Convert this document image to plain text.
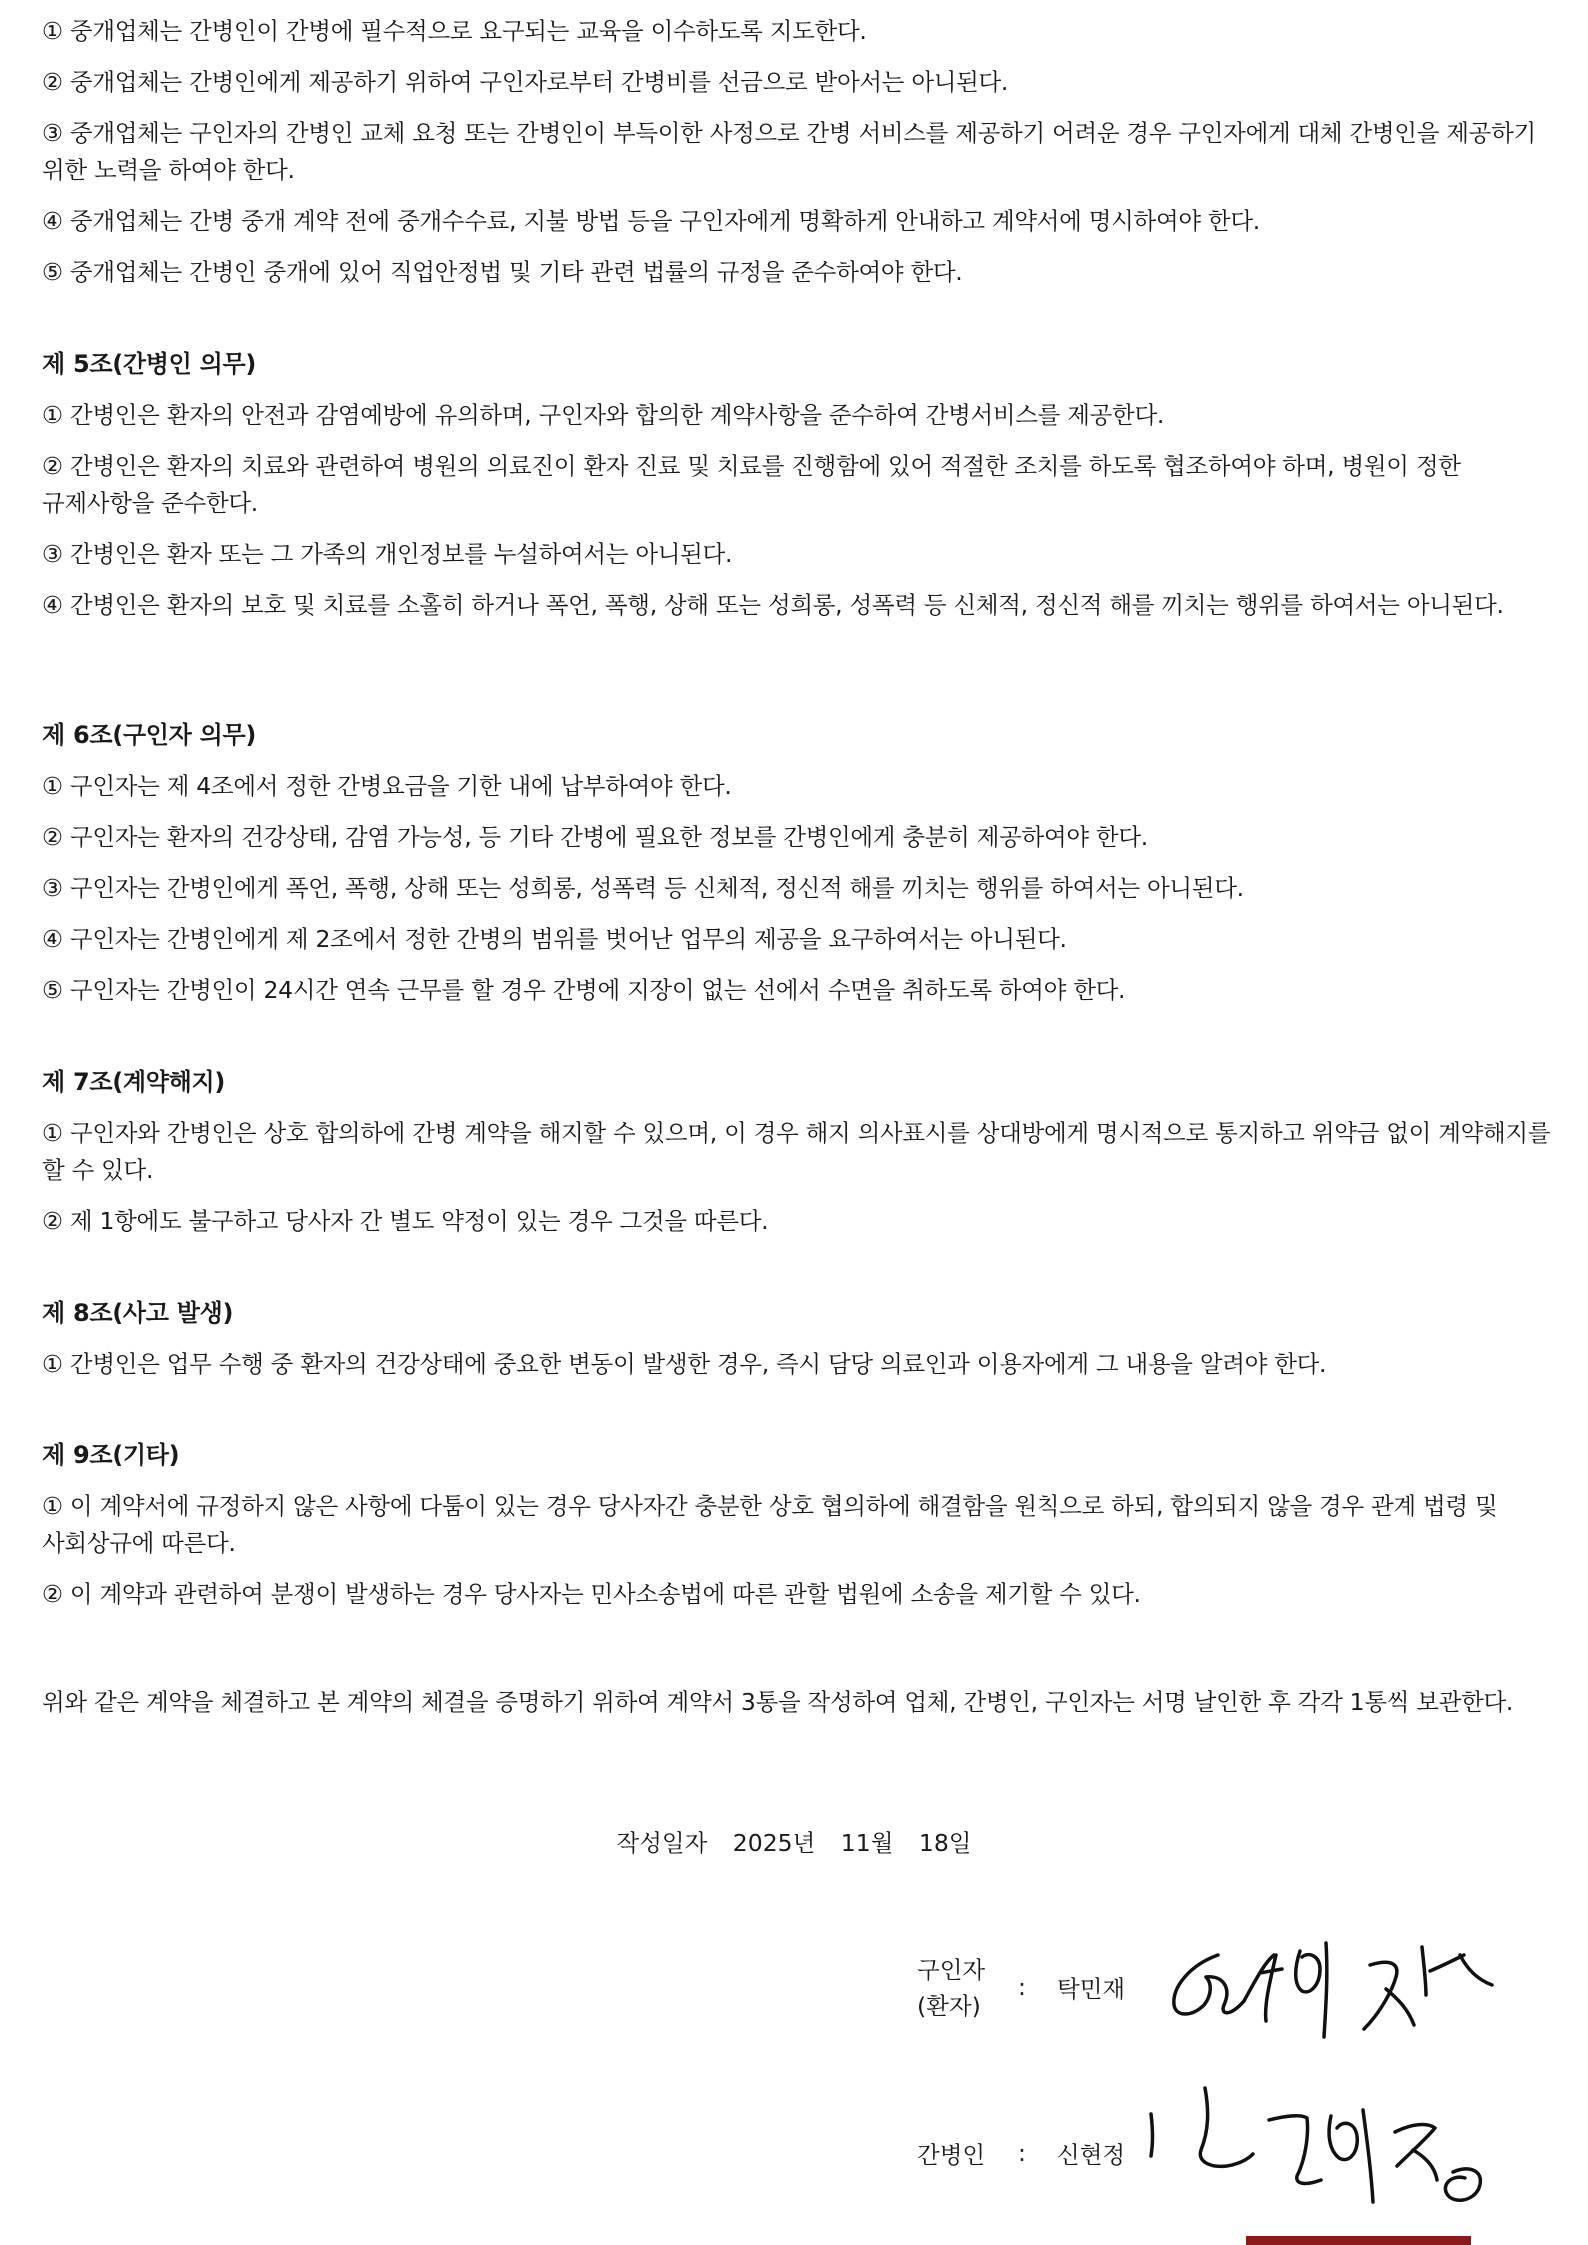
① 중개업체는 간병인이 간병에 필수적으로 요구되는 교육을 이수하도록 지도한다.

② 중개업체는 간병인에게 제공하기 위하여 구인자로부터 간병비를 선금으로 받아서는 아니된다.

③ 중개업체는 구인자의 간병인 교체 요청 또는 간병인이 부득이한 사정으로 간병 서비스를 제공하기 어려운 경우 구인자에게 대체 간병인을 제공하기 위한 노력을 하여야 한다.

④ 중개업체는 간병 중개 계약 전에 중개수수료, 지불 방법 등을 구인자에게 명확하게 안내하고 계약서에 명시하여야 한다.

⑤ 중개업체는 간병인 중개에 있어 직업안정법 및 기타 관련 법률의 규정을 준수하여야 한다.

제 5조(간병인 의무)

① 간병인은 환자의 안전과 감염예방에 유의하며, 구인자와 합의한 계약사항을 준수하여 간병서비스를 제공한다.

② 간병인은 환자의 치료와 관련하여 병원의 의료진이 환자 진료 및 치료를 진행함에 있어 적절한 조치를 하도록 협조하여야 하며, 병원이 정한 규제사항을 준수한다.

③ 간병인은 환자 또는 그 가족의 개인정보를 누설하여서는 아니된다.

④ 간병인은 환자의 보호 및 치료를 소홀히 하거나 폭언, 폭행, 상해 또는 성희롱, 성폭력 등 신체적, 정신적 해를 끼치는 행위를 하여서는 아니된다.

제 6조(구인자 의무)

① 구인자는 제 4조에서 정한 간병요금을 기한 내에 납부하여야 한다.

② 구인자는 환자의 건강상태, 감염 가능성, 등 기타 간병에 필요한 정보를 간병인에게 충분히 제공하여야 한다.

③ 구인자는 간병인에게 폭언, 폭행, 상해 또는 성희롱, 성폭력 등 신체적, 정신적 해를 끼치는 행위를 하여서는 아니된다.

④ 구인자는 간병인에게 제 2조에서 정한 간병의 범위를 벗어난 업무의 제공을 요구하여서는 아니된다.

⑤ 구인자는 간병인이 24시간 연속 근무를 할 경우 간병에 지장이 없는 선에서 수면을 취하도록 하여야 한다.

제 7조(계약해지)

① 구인자와 간병인은 상호 합의하에 간병 계약을 해지할 수 있으며, 이 경우 해지 의사표시를 상대방에게 명시적으로 통지하고 위약금 없이 계약해지를 할 수 있다.

② 제 1항에도 불구하고 당사자 간 별도 약정이 있는 경우 그것을 따른다.

제 8조(사고 발생)

① 간병인은 업무 수행 중 환자의 건강상태에 중요한 변동이 발생한 경우, 즉시 담당 의료인과 이용자에게 그 내용을 알려야 한다.

제 9조(기타)

① 이 계약서에 규정하지 않은 사항에 다툼이 있는 경우 당사자간 충분한 상호 협의하에 해결함을 원칙으로 하되, 합의되지 않을 경우 관계 법령 및 사회상규에 따른다.

② 이 계약과 관련하여 분쟁이 발생하는 경우 당사자는 민사소송법에 따른 관할 법원에 소송을 제기할 수 있다.

위와 같은 계약을 체결하고 본 계약의 체결을 증명하기 위하여 계약서 3통을 작성하여 업체, 간병인, 구인자는 서명 날인한 후 각각 1통씩 보관한다.

작성일자 2025년 11월 18일
구인자
(환자)
: 탁민재
간병인 : 신현정
